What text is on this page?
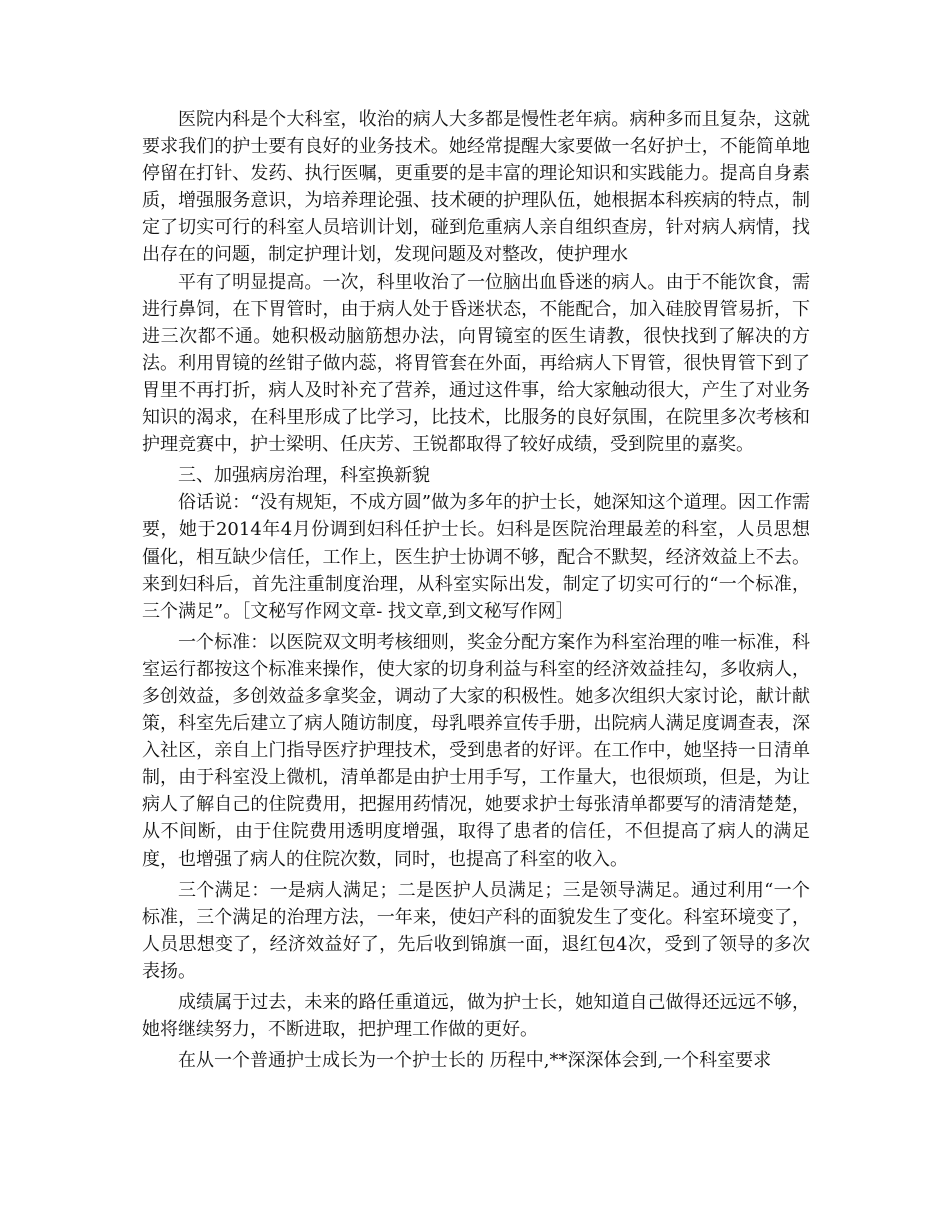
医院内科是个大科室，收治的病人大多都是慢性老年病。病种多而且复杂，这就要求我们的护士要有良好的业务技术。她经常提醒大家要做一名好护士，不能简单地停留在打针、发药、执行医嘱，更重要的是丰富的理论知识和实践能力。提高自身素质，增强服务意识，为培养理论强、技术硬的护理队伍，她根据本科疾病的特点，制定了切实可行的科室人员培训计划，碰到危重病人亲自组织查房，针对病人病情，找出存在的问题，制定护理计划，发现问题及对整改，使护理水

平有了明显提高。一次，科里收治了一位脑出血昏迷的病人。由于不能饮食，需进行鼻饲，在下胃管时，由于病人处于昏迷状态，不能配合，加入硅胶胃管易折，下进三次都不通。她积极动脑筋想办法，向胃镜室的医生请教，很快找到了解决的方法。利用胃镜的丝钳子做内蕊，将胃管套在外面，再给病人下胃管，很快胃管下到了胃里不再打折，病人及时补充了营养，通过这件事，给大家触动很大，产生了对业务知识的渴求，在科里形成了比学习，比技术，比服务的良好氛围，在院里多次考核和护理竞赛中，护士梁明、任庆芳、王锐都取得了较好成绩，受到院里的嘉奖。

三、加强病房治理，科室换新貌

俗话说：“没有规矩，不成方圆”做为多年的护士长，她深知这个道理。因工作需要，她于2014年4月份调到妇科任护士长。妇科是医院治理最差的科室，人员思想僵化，相互缺少信任，工作上，医生护士协调不够，配合不默契，经济效益上不去。来到妇科后，首先注重制度治理，从科室实际出发，制定了切实可行的“一个标准，三个满足”。［文秘写作网文章- 找文章,到文秘写作网］

一个标准：以医院双文明考核细则，奖金分配方案作为科室治理的唯一标准，科室运行都按这个标准来操作，使大家的切身利益与科室的经济效益挂勾，多收病人，多创效益，多创效益多拿奖金，调动了大家的积极性。她多次组织大家讨论，献计献策，科室先后建立了病人随访制度，母乳喂养宣传手册，出院病人满足度调查表，深入社区，亲自上门指导医疗护理技术，受到患者的好评。在工作中，她坚持一日清单制，由于科室没上微机，清单都是由护士用手写，工作量大，也很烦琐，但是，为让病人了解自己的住院费用，把握用药情况，她要求护士每张清单都要写的清清楚楚，从不间断，由于住院费用透明度增强，取得了患者的信任，不但提高了病人的满足度，也增强了病人的住院次数，同时，也提高了科室的收入。

三个满足：一是病人满足；二是医护人员满足；三是领导满足。通过利用“一个标准，三个满足的治理方法，一年来，使妇产科的面貌发生了变化。科室环境变了，人员思想变了，经济效益好了，先后收到锦旗一面，退红包4次，受到了领导的多次表扬。

成绩属于过去，未来的路任重道远，做为护士长，她知道自己做得还远远不够，她将继续努力，不断进取，把护理工作做的更好。

在从一个普通护士成长为一个护士长的 历程中,**深深体会到,一个科室要求
